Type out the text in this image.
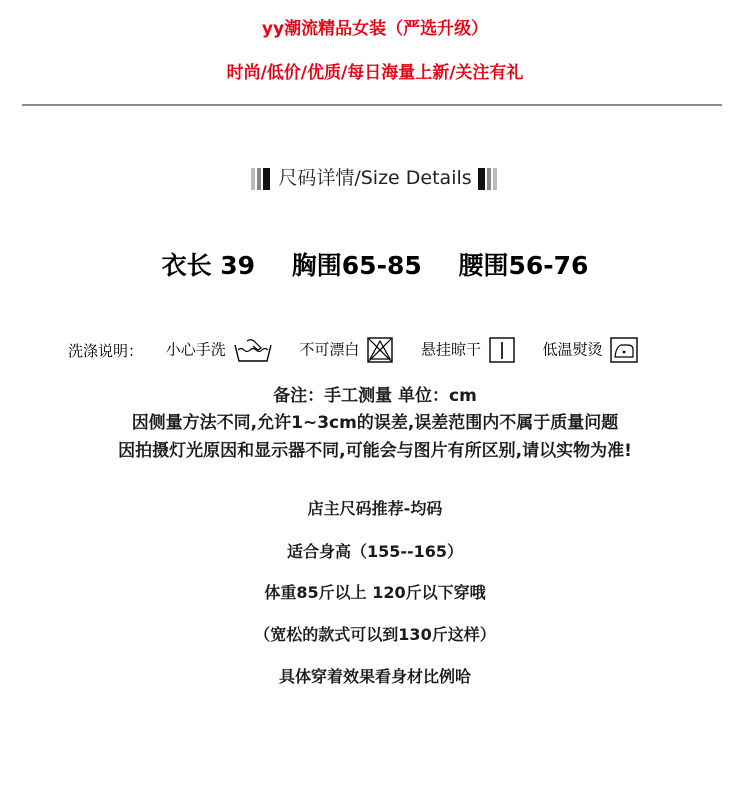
yy潮流精品女装（严选升级）
时尚/低价/优质/每日海量上新/关注有礼
尺码详情/Size Details
衣长 39 胸围65-85 腰围56-76
洗涤说明： 小心手洗	不可漂白	悬挂晾干	低温熨烫
备注：手工测量 单位：cm
因侧量方法不同,允许1~3cm的误差,误差范围内不属于质量问题
因拍摄灯光原因和显示器不同,可能会与图片有所区别,请以实物为准!
店主尺码推荐-均码
适合身高（155--165）
体重85斤以上 120斤以下穿哦
（宽松的款式可以到130斤这样）
具体穿着效果看身材比例哈
